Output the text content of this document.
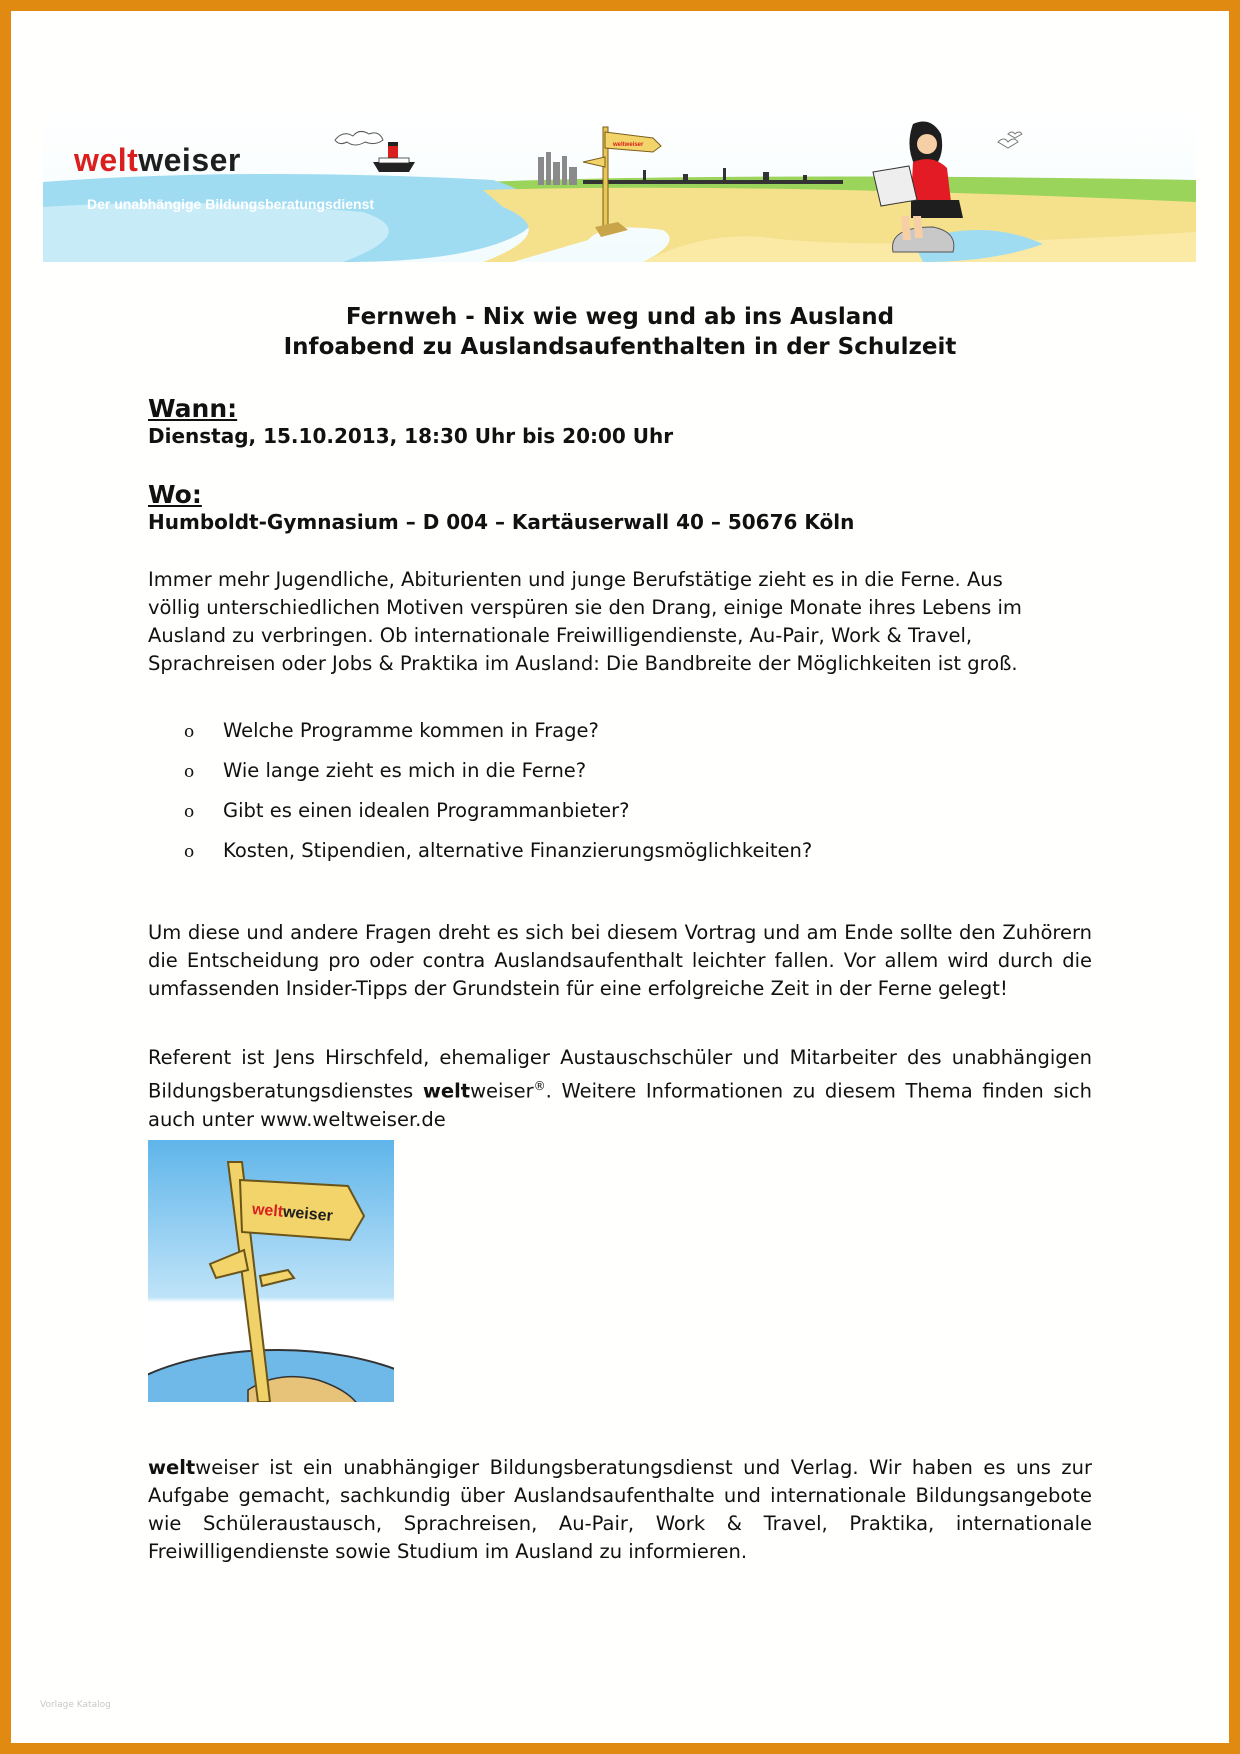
weltweiser
weltweiser
Der unabhängige Bildungsberatungsdienst
Fernweh - Nix wie weg und ab ins Ausland
Infoabend zu Auslandsaufenthalten in der Schulzeit
Wann:
Dienstag, 15.10.2013, 18:30 Uhr bis 20:00 Uhr
Wo:
Humboldt-Gymnasium – D 004 – Kartäuserwall 40 – 50676 Köln
Immer mehr Jugendliche, Abiturienten und junge Berufstätige zieht es in die Ferne. Aus
völlig unterschiedlichen Motiven verspüren sie den Drang, einige Monate ihres Lebens im
Ausland zu verbringen. Ob internationale Freiwilligendienste, Au-Pair, Work & Travel,
Sprachreisen oder Jobs & Praktika im Ausland: Die Bandbreite der Möglichkeiten ist groß.
o Welche Programme kommen in Frage?
o Wie lange zieht es mich in die Ferne?
o Gibt es einen idealen Programmanbieter?
o Kosten, Stipendien, alternative Finanzierungsmöglichkeiten?

Um diese und andere Fragen dreht es sich bei diesem Vortrag und am Ende sollte den Zuhörern die Entscheidung pro oder contra Auslandsaufenthalt leichter fallen. Vor allem wird durch die umfassenden Insider-Tipps der Grundstein für eine erfolgreiche Zeit in der Ferne gelegt!

Referent ist Jens Hirschfeld, ehemaliger Austauschschüler und Mitarbeiter des unabhängigen Bildungsberatungsdienstes weltweiser®. Weitere Informationen zu diesem Thema finden sich auch unter www.weltweiser.de

weltweiser

weltweiser ist ein unabhängiger Bildungsberatungsdienst und Verlag. Wir haben es uns zur Aufgabe gemacht, sachkundig über Auslandsaufenthalte und internationale Bildungsangebote wie Schüleraustausch, Sprachreisen, Au-Pair, Work & Travel, Praktika, internationale Freiwilligendienste sowie Studium im Ausland zu informieren.

Vorlage Katalog
